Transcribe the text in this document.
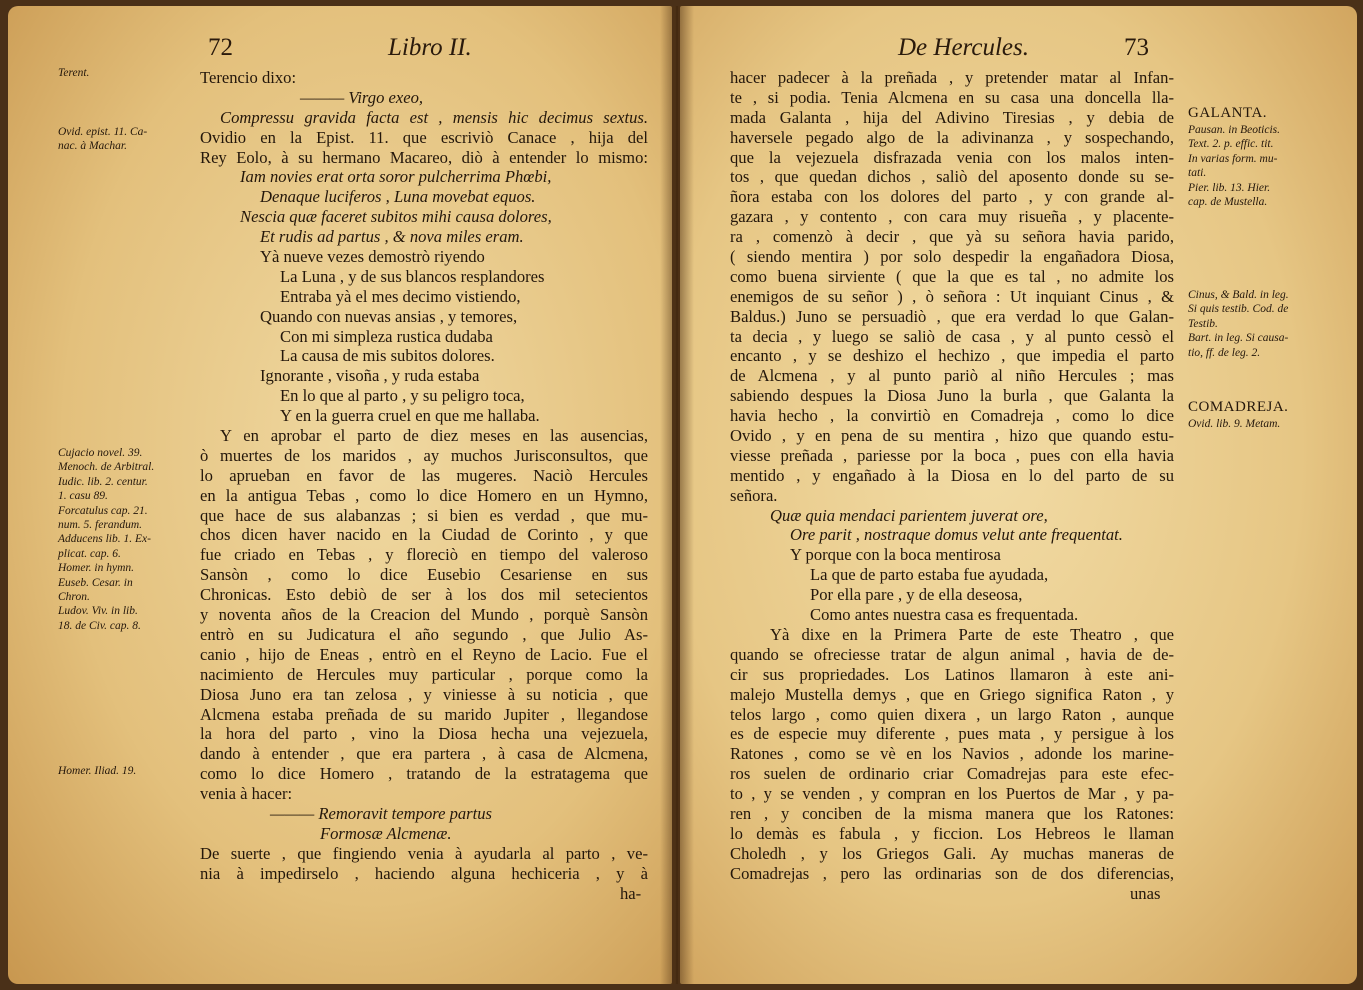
72	Libro II.
Terencio dixo:
——— Virgo exeo,
Compressu gravida facta est , mensis hic decimus sextus.
Ovidio en la Epist. 11. que escriviò Canace , hija del
Rey Eolo, à su hermano Macareo, diò à entender lo mismo:
Iam novies erat orta soror pulcherrima Phœbi,
Denaque luciferos , Luna movebat equos.
Nescia quæ faceret subitos mihi causa dolores,
Et rudis ad partus , & nova miles eram.
Yà nueve vezes demostrò riyendo
La Luna , y de sus blancos resplandores
Entraba yà el mes decimo vistiendo,
Quando con nuevas ansias , y temores,
Con mi simpleza rustica dudaba
La causa de mis subitos dolores.
Ignorante , visoña , y ruda estaba
En lo que al parto , y su peligro toca,
Y en la guerra cruel en que me hallaba.
Y en aprobar el parto de diez meses en las ausencias,
ò muertes de los maridos , ay muchos Jurisconsultos, que
lo aprueban en favor de las mugeres. Naciò Hercules
en la antigua Tebas , como lo dice Homero en un Hymno,
que hace de sus alabanzas ; si bien es verdad , que mu-
chos dicen haver nacido en la Ciudad de Corinto , y que
fue criado en Tebas , y floreciò en tiempo del valeroso
Sansòn , como lo dice Eusebio Cesariense en sus
Chronicas. Esto debiò de ser à los dos mil setecientos
y noventa años de la Creacion del Mundo , porquè Sansòn
entrò en su Judicatura el año segundo , que Julio As-
canio , hijo de Eneas , entrò en el Reyno de Lacio. Fue el
nacimiento de Hercules muy particular , porque como la
Diosa Juno era tan zelosa , y viniesse à su noticia , que
Alcmena estaba preñada de su marido Jupiter , llegandose
la hora del parto , vino la Diosa hecha una vejezuela,
dando à entender , que era partera , à casa de Alcmena,
como lo dice Homero , tratando de la estratagema que
venia à hacer:
——— Remoravit tempore partus
Formosæ Alcmenæ.
De suerte , que fingiendo venia à ayudarla al parto , ve-
nia à impedirselo , haciendo alguna hechiceria , y à
ha-
Terent.
Ovid. epist. 11. Ca-
nac. à Machar.
Cujacio novel. 39.
Menoch. de Arbitral.
Iudic. lib. 2. centur.
1. casu 89.
Forcatulus cap. 21.
num. 5. ferandum.
Adducens lib. 1. Ex-
plicat. cap. 6.
Homer. in hymn.
Euseb. Cesar. in
Chron.
Ludov. Viv. in lib.
18. de Civ. cap. 8.
Homer. Iliad. 19.
De Hercules.	73
hacer padecer à la preñada , y pretender matar al Infan-
te , si podia. Tenia Alcmena en su casa una doncella lla-
mada Galanta , hija del Adivino Tiresias , y debia de
haversele pegado algo de la adivinanza , y sospechando,
que la vejezuela disfrazada venia con los malos inten-
tos , que quedan dichos , saliò del aposento donde su se-
ñora estaba con los dolores del parto , y con grande al-
gazara , y contento , con cara muy risueña , y placente-
ra , comenzò à decir , que yà su señora havia parido,
( siendo mentira ) por solo despedir la engañadora Diosa,
como buena sirviente ( que la que es tal , no admite los
enemigos de su señor ) , ò señora : Ut inquiant Cinus , &
Baldus.) Juno se persuadiò , que era verdad lo que Galan-
ta decia , y luego se saliò de casa , y al punto cessò el
encanto , y se deshizo el hechizo , que impedia el parto
de Alcmena , y al punto pariò al niño Hercules ; mas
sabiendo despues la Diosa Juno la burla , que Galanta la
havia hecho , la convirtiò en Comadreja , como lo dice
Ovido , y en pena de su mentira , hizo que quando estu-
viesse preñada , pariesse por la boca , pues con ella havia
mentido , y engañado à la Diosa en lo del parto de su
señora.
Quæ quia mendaci parientem juverat ore,
Ore parit , nostraque domus velut ante frequentat.
Y porque con la boca mentirosa
La que de parto estaba fue ayudada,
Por ella pare , y de ella deseosa,
Como antes nuestra casa es frequentada.
Yà dixe en la Primera Parte de este Theatro , que
quando se ofreciesse tratar de algun animal , havia de de-
cir sus propriedades. Los Latinos llamaron à este ani-
malejo Mustella demys , que en Griego significa Raton , y
telos largo , como quien dixera , un largo Raton , aunque
es de especie muy diferente , pues mata , y persigue à los
Ratones , como se vè en los Navios , adonde los marine-
ros suelen de ordinario criar Comadrejas para este efec-
to , y se venden , y compran en los Puertos de Mar , y pa-
ren , y conciben de la misma manera que los Ratones:
lo demàs es fabula , y ficcion. Los Hebreos le llaman
Choledh , y los Griegos Gali. Ay muchas maneras de
Comadrejas , pero las ordinarias son de dos diferencias,
unas
GALANTA.
Pausan. in Beoticis.
Text. 2. p. effic. tit.
In varias form. mu-
tati.
Pier. lib. 13. Hier.
cap. de Mustella.
Cinus, & Bald. in leg.
Si quis testib. Cod. de
Testib.
Bart. in leg. Si causa-
tio, ff. de leg. 2.
COMADREJA.
Ovid. lib. 9. Metam.
